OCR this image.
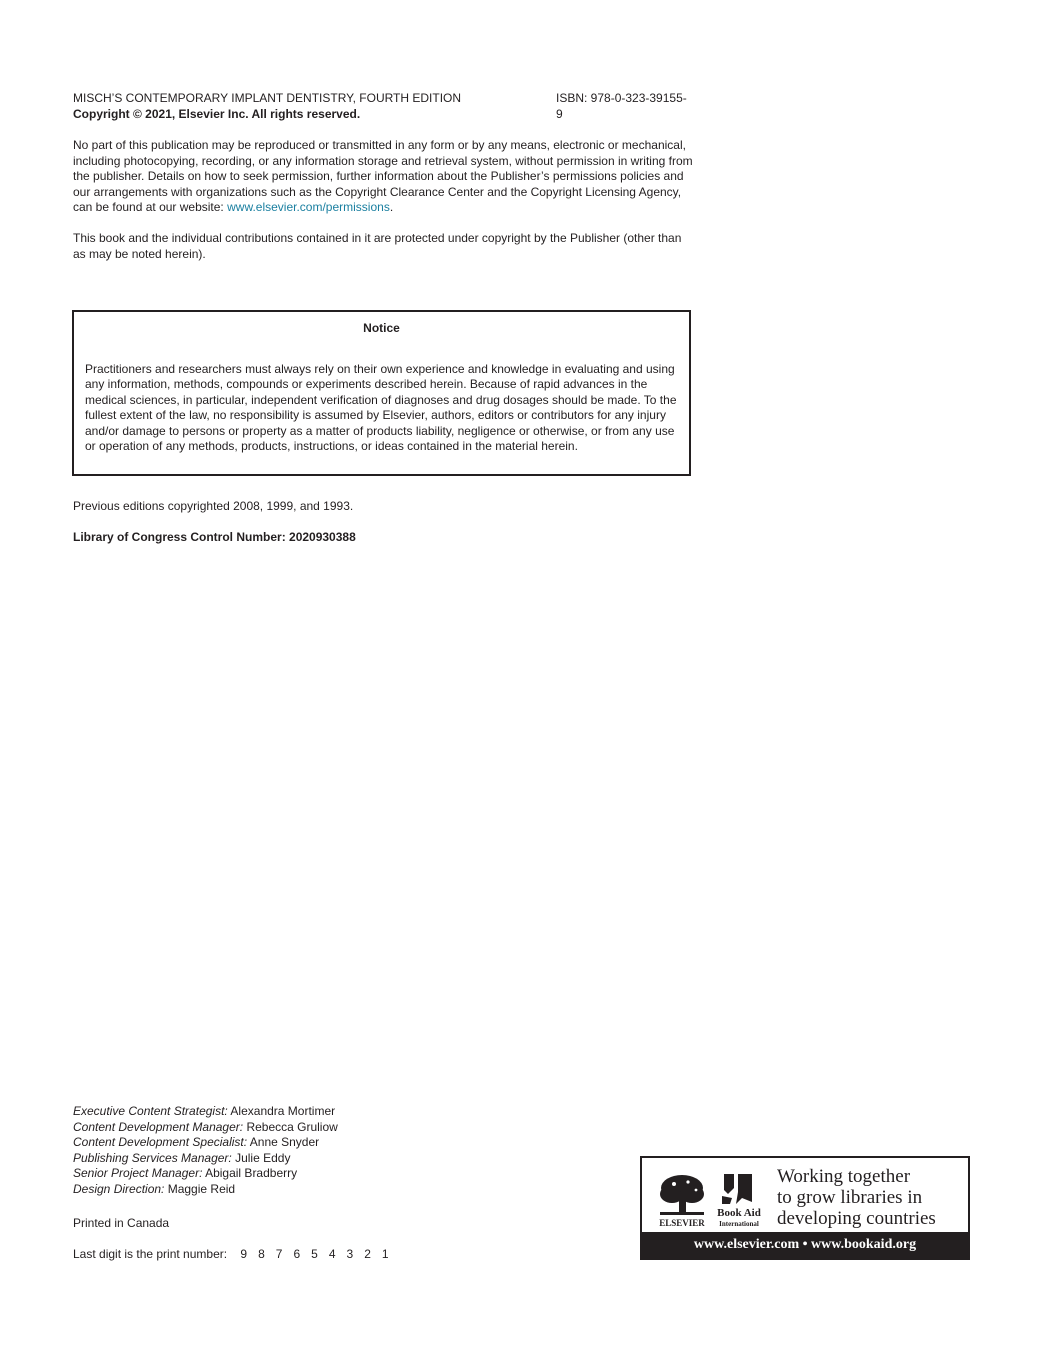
MISCH’S CONTEMPORARY IMPLANT DENTISTRY, FOURTH EDITION	ISBN: 978-0-323-39155-9

Copyright © 2021, Elsevier Inc. All rights reserved.

No part of this publication may be reproduced or transmitted in any form or by any means, electronic or mechanical, including photocopying, recording, or any information storage and retrieval system, without permission in writing from the publisher. Details on how to seek permission, further information about the Publisher’s permissions policies and our arrangements with organizations such as the Copyright Clearance Center and the Copyright Licensing Agency, can be found at our website: www.elsevier.com/permissions.

This book and the individual contributions contained in it are protected under copyright by the Publisher (other than as may be noted herein).

Notice

Practitioners and researchers must always rely on their own experience and knowledge in evaluating and using any information, methods, compounds or experiments described herein. Because of rapid advances in the medical sciences, in particular, independent verification of diagnoses and drug dosages should be made. To the fullest extent of the law, no responsibility is assumed by Elsevier, authors, editors or contributors for any injury and/or damage to persons or property as a matter of products liability, negligence or otherwise, or from any use or operation of any methods, products, instructions, or ideas contained in the material herein.

Previous editions copyrighted 2008, 1999, and 1993.

Library of Congress Control Number: 2020930388

Executive Content Strategist: Alexandra Mortimer
Content Development Manager: Rebecca Gruliow
Content Development Specialist: Anne Snyder
Publishing Services Manager: Julie Eddy
Senior Project Manager: Abigail Bradberry
Design Direction: Maggie Reid

Printed in Canada

Last digit is the print number: 9 8 7 6 5 4 3 2 1

ELSEVIER
Book Aid
International
Working together
to grow libraries in
developing countries
www.elsevier.com • www.bookaid.org
